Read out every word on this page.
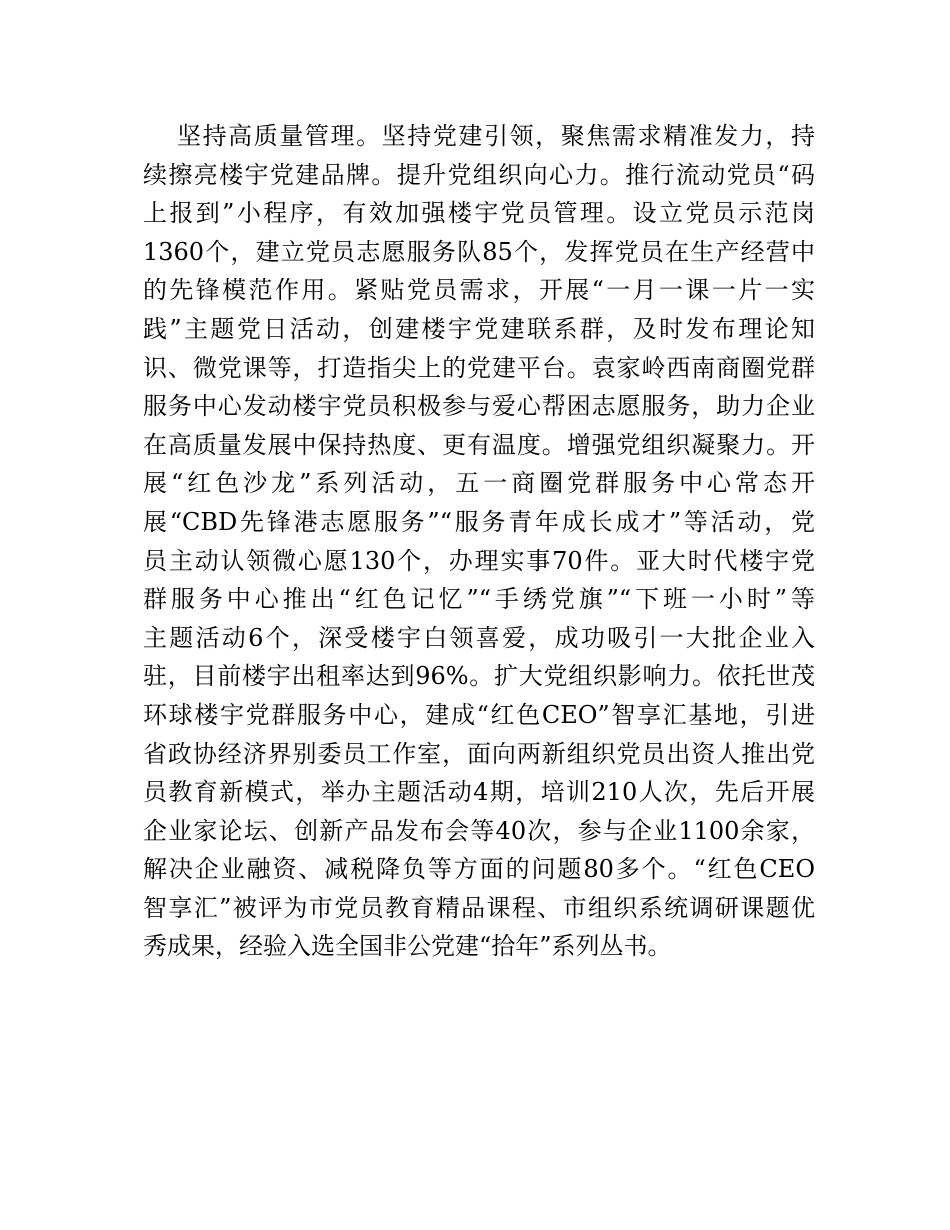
坚持高质量管理。坚持党建引领，聚焦需求精准发力，持
续擦亮楼宇党建品牌。提升党组织向心力。推行流动党员“码
上报到”小程序，有效加强楼宇党员管理。设立党员示范岗
1360个，建立党员志愿服务队85个，发挥党员在生产经营中
的先锋模范作用。紧贴党员需求，开展“一月一课一片一实
践”主题党日活动，创建楼宇党建联系群，及时发布理论知
识、微党课等，打造指尖上的党建平台。袁家岭西南商圈党群
服务中心发动楼宇党员积极参与爱心帮困志愿服务，助力企业
在高质量发展中保持热度、更有温度。增强党组织凝聚力。开
展“红色沙龙”系列活动，五一商圈党群服务中心常态开
展“CBD先锋港志愿服务”“服务青年成长成才”等活动，党
员主动认领微心愿130个，办理实事70件。亚大时代楼宇党
群服务中心推出“红色记忆”“手绣党旗”“下班一小时”等
主题活动6个，深受楼宇白领喜爱，成功吸引一大批企业入
驻，目前楼宇出租率达到96%。扩大党组织影响力。依托世茂
环球楼宇党群服务中心，建成“红色CEO”智享汇基地，引进
省政协经济界别委员工作室，面向两新组织党员出资人推出党
员教育新模式，举办主题活动4期，培训210人次，先后开展
企业家论坛、创新产品发布会等40次，参与企业1100余家，
解决企业融资、减税降负等方面的问题80多个。“红色CEO
智享汇”被评为市党员教育精品课程、市组织系统调研课题优
秀成果，经验入选全国非公党建“拾年”系列丛书。
